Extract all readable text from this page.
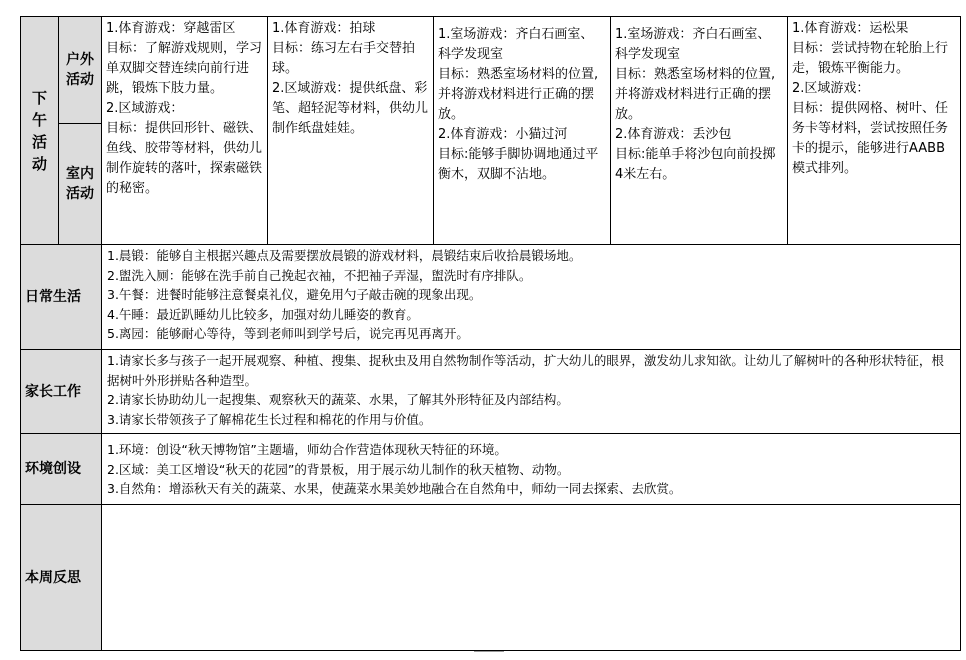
下
午
活
动	户外
活动	1.体育游戏：穿越雷区
目标：了解游戏规则，学习单双脚交替连续向前行进跳，锻炼下肢力量。
2.区域游戏：
目标：提供回形针、磁铁、鱼线、胶带等材料，供幼儿制作旋转的落叶，探索磁铁的秘密。	1.体育游戏：拍球
目标：练习左右手交替拍球。
2.区域游戏：提供纸盘、彩笔、超轻泥等材料，供幼儿制作纸盘娃娃。	1.室场游戏：齐白石画室、科学发现室
目标：熟悉室场材料的位置,并将游戏材料进行正确的摆放。
2.体育游戏：小猫过河
目标:能够手脚协调地通过平衡木，双脚不沾地。	1.室场游戏：齐白石画室、科学发现室
目标：熟悉室场材料的位置,并将游戏材料进行正确的摆放。
2.体育游戏：丢沙包
目标:能单手将沙包向前投掷4米左右。	1.体育游戏：运松果
目标：尝试持物在轮胎上行走，锻炼平衡能力。
2.区域游戏：
目标：提供网格、树叶、任务卡等材料，尝试按照任务卡的提示，能够进行AABB模式排列。

	室内
活动					
日常生活		1.晨锻：能够自主根据兴趣点及需要摆放晨锻的游戏材料，晨锻结束后收拾晨锻场地。
2.盥洗入厕：能够在洗手前自己挽起衣袖，不把袖子弄湿，盥洗时有序排队。
3.午餐：进餐时能够注意餐桌礼仪，避免用勺子敲击碗的现象出现。
4.午睡：最近趴睡幼儿比较多，加强对幼儿睡姿的教育。
5.离园：能够耐心等待，等到老师叫到学号后，说完再见再离开。				

家长工作		1.请家长多与孩子一起开展观察、种植、搜集、捉秋虫及用自然物制作等活动，扩大幼儿的眼界，激发幼儿求知欲。让幼儿了解树叶的各种形状特征，根据树叶外形拼贴各种造型。
2.请家长协助幼儿一起搜集、观察秋天的蔬菜、水果，了解其外形特征及内部结构。
3.请家长带领孩子了解棉花生长过程和棉花的作用与价值。				

环境创设		1.环境：创设“秋天博物馆”主题墙，师幼合作营造体现秋天特征的环境。
2.区域：美工区增设“秋天的花园”的背景板，用于展示幼儿制作的秋天植物、动物。
3.自然角：增添秋天有关的蔬菜、水果，使蔬菜水果美妙地融合在自然角中，师幼一同去探索、去欣赏。				

本周反思						
